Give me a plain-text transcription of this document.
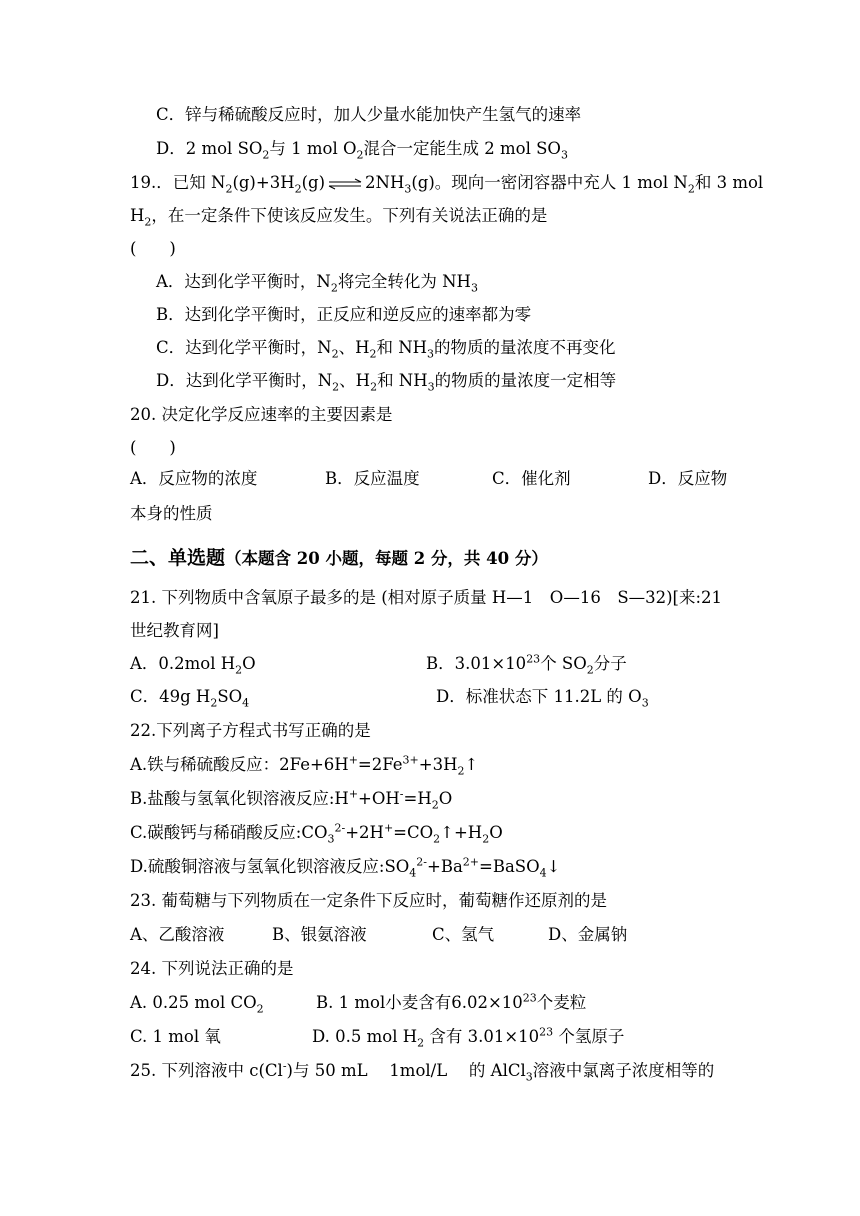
C．锌与稀硫酸反应时，加人少量水能加快产生氢气的速率
D．2 mol $SO_2$与 1 mol $O_2$混合一定能生成 2 mol $SO_3$
19.．已知 $N_2(g)+3H_2(g)$ ⇌ $2NH_3(g)$。现向一密闭容器中充人 1 mol $N_2$和 3 mol
$H_2$，在一定条件下使该反应发生。下列有关说法正确的是
(　　)
A．达到化学平衡时，$N_2$将完全转化为 $NH_3$
B．达到化学平衡时，正反应和逆反应的速率都为零
C．达到化学平衡时，$N_2$、$H_2$和 $NH_3$的物质的量浓度不再变化
D．达到化学平衡时，$N_2$、$H_2$和 $NH_3$的物质的量浓度一定相等
20. 决定化学反应速率的主要因素是
(　　)
A．反应物的浓度	B．反应温度	C．催化剂	D．反应物
本身的性质
二、单选题（本题含 20 小题，每题 2 分，共 40 分）
21. 下列物质中含氧原子最多的是 (相对原子质量 H—1　O—16　S—32)[来:21
世纪教育网]
A．0.2mol $H_2O$	B．$3.01\times 10^{23}$个 $SO_2$分子
C．49g $H_2SO_4$	D．标准状态下 11.2L 的 $O_3$
22.下列离子方程式书写正确的是
A.铁与稀硫酸反应：$2Fe+6H^+=2Fe^{3+}+3H_2↑$
B.盐酸与氢氧化钡溶液反应$:H^++OH^-=H_2O$
C.碳酸钙与稀硝酸反应$:CO_3^{2-}+2H^+=CO_2↑+H_2O$
D.硫酸铜溶液与氢氧化钡溶液反应$:SO_4^{2-}+Ba^{2+}=BaSO_4↓$
23. 葡萄糖与下列物质在一定条件下反应时，葡萄糖作还原剂的是
A、乙酸溶液	B、银氨溶液	C、氢气	D、金属钠
24. 下列说法正确的是
A. 0.25 mol $CO_2$	B. 1 mol小麦含有$6.02\times 10^{23}$个麦粒
C. 1 mol 氧	D. 0.5 mol $H_2$ 含有 $3.01\times 10^{23}$ 个氢原子
25. 下列溶液中 c(Cl-)与 50 mL　 1mol/L　 的 AlCl$_3$溶液中氯离子浓度相等的
